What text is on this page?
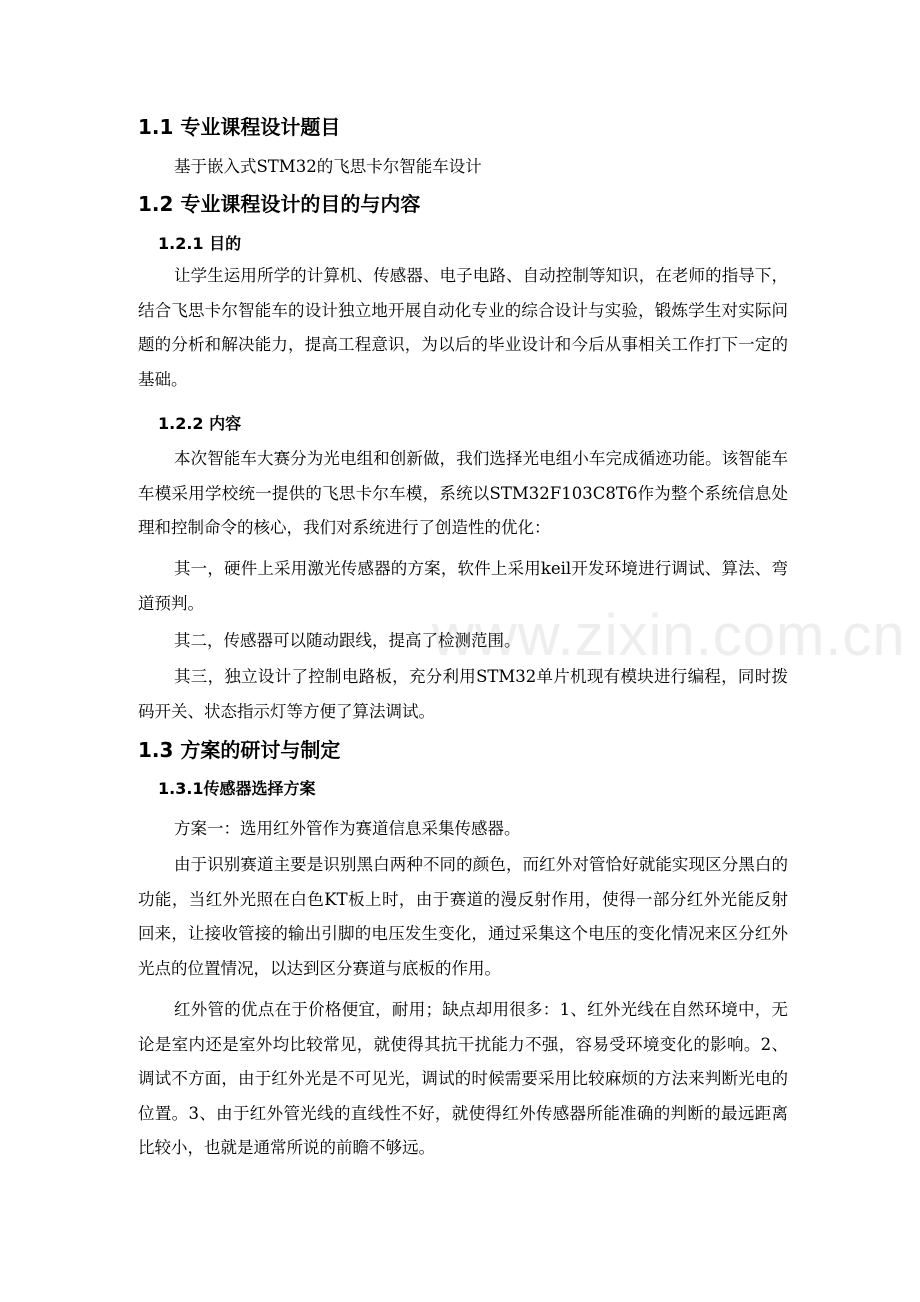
www.zixin.com.cn
1.1 专业课程设计题目

基于嵌入式STM32的飞思卡尔智能车设计

1.2 专业课程设计的目的与内容
1.2.1 目的

让学生运用所学的计算机、传感器、电子电路、自动控制等知识，在老师的指导下，结合飞思卡尔智能车的设计独立地开展自动化专业的综合设计与实验，锻炼学生对实际问题的分析和解决能力，提高工程意识，为以后的毕业设计和今后从事相关工作打下一定的基础。

1.2.2 内容

本次智能车大赛分为光电组和创新做，我们选择光电组小车完成循迹功能。该智能车车模采用学校统一提供的飞思卡尔车模，系统以STM32F103C8T6作为整个系统信息处理和控制命令的核心，我们对系统进行了创造性的优化：

其一，硬件上采用激光传感器的方案，软件上采用keil开发环境进行调试、算法、弯道预判。

其二，传感器可以随动跟线，提高了检测范围。

其三，独立设计了控制电路板，充分利用STM32单片机现有模块进行编程，同时拨码开关、状态指示灯等方便了算法调试。

1.3 方案的研讨与制定
1.3.1传感器选择方案

方案一：选用红外管作为赛道信息采集传感器。

由于识别赛道主要是识别黑白两种不同的颜色，而红外对管恰好就能实现区分黑白的功能，当红外光照在白色KT板上时，由于赛道的漫反射作用，使得一部分红外光能反射回来，让接收管接的输出引脚的电压发生变化，通过采集这个电压的变化情况来区分红外光点的位置情况，以达到区分赛道与底板的作用。

红外管的优点在于价格便宜，耐用；缺点却用很多：1、红外光线在自然环境中，无论是室内还是室外均比较常见，就使得其抗干扰能力不强，容易受环境变化的影响。2、调试不方面，由于红外光是不可见光，调试的时候需要采用比较麻烦的方法来判断光电的位置。3、由于红外管光线的直线性不好，就使得红外传感器所能准确的判断的最远距离比较小，也就是通常所说的前瞻不够远。
